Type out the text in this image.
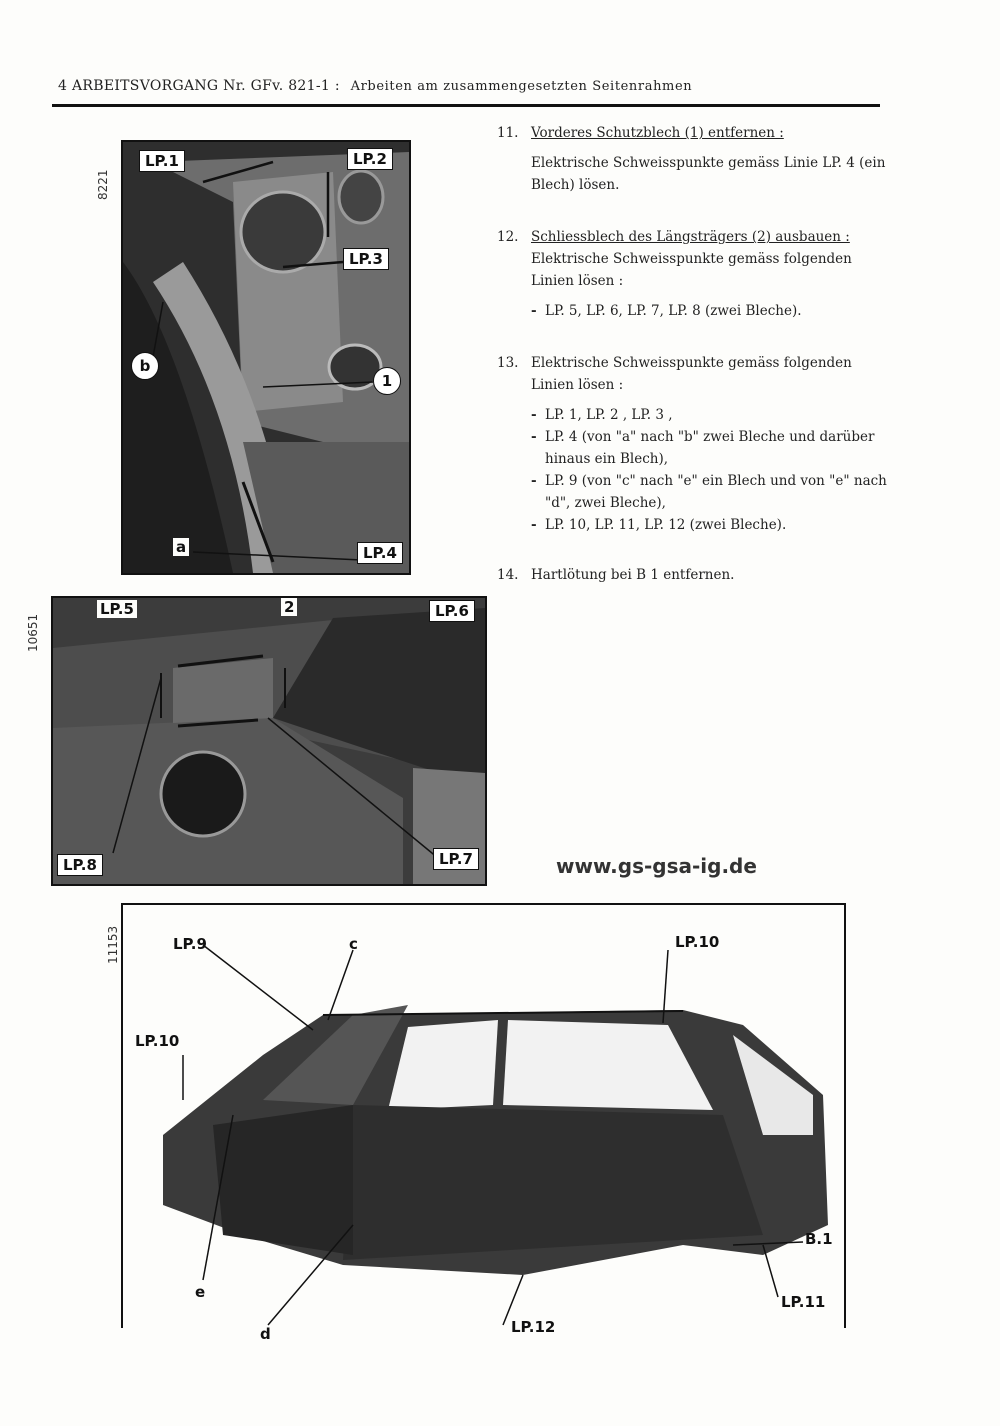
4 ARBEITSVORGANG Nr. GFv. 821-1 : Arbeiten am zusammengesetzten Seitenrahmen
8221
LP.1	LP.2
LP.3
LP.4
b
1
a
10651
LP.5	LP.6
LP.7
LP.8
2
11153	LP.9	LP.10
LP.10
B.1
LP.11
LP.12
c
e
d
11. Vorderes Schutzblech (1) entfernen :
Elektrische Schweisspunkte gemäss Linie LP. 4 (ein Blech) lösen.
12. Schliessblech des Längsträgers (2) ausbauen :
Elektrische Schweisspunkte gemäss folgenden Linien lösen :
- LP. 5, LP. 6, LP. 7, LP. 8 (zwei Bleche).
13. Elektrische Schweisspunkte gemäss folgenden Linien lösen :
- LP. 1, LP. 2 , LP. 3 ,
- LP. 4 (von "a" nach "b" zwei Bleche und darüber hinaus ein Blech),
- LP. 9 (von "c" nach "e" ein Blech und von "e" nach "d", zwei Bleche),
- LP. 10, LP. 11, LP. 12 (zwei Bleche).
14. Hartlötung bei B 1 entfernen.
www.gs-gsa-ig.de
